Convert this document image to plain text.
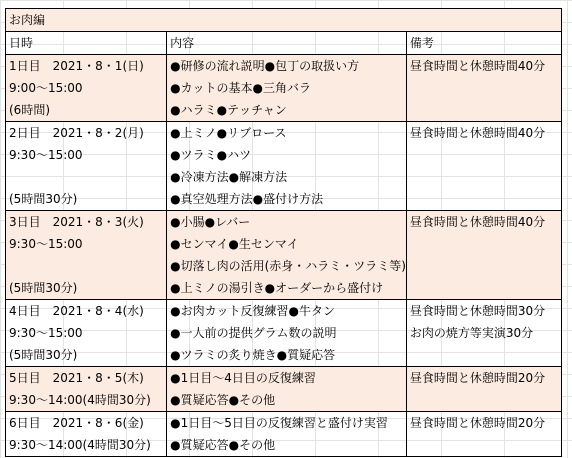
お肉編		
日時	内容	備考
1日目　2021・8・1(日)	●研修の流れ説明●包丁の取扱い方	昼食時間と休憩時間40分
9:00～15:00	●カットの基本●三角バラ	
(6時間)	●ハラミ●テッチャン	
2日目　2021・8・2(月)	●上ミノ●リブロース	昼食時間と休憩時間40分
9:30～15:00	●ツラミ●ハツ	
	●冷凍方法●解凍方法	
(5時間30分)	●真空処理方法●盛付け方法	
3日目　2021・8・3(火)	●小腸●レバー	昼食時間と休憩時間40分
9:30～15:00	●センマイ●生センマイ	
	●切落し肉の活用(赤身・ハラミ・ツラミ等)	
(5時間30分)	●上ミノの湯引き●オーダーから盛付け	
4日目　2021・8・4(水)	●お肉カット反復練習●牛タン	昼食時間と休憩時間30分
9:30～15:00	●一人前の提供グラム数の説明	お肉の焼方等実演30分
(5時間30分)	●ツラミの炙り焼き●質疑応答	
5日目　2021・8・5(木)	●1日目～4日目の反復練習	昼食時間と休憩時間20分
9:30～14:00(4時間30分)	●質疑応答●その他	
6日目　2021・8・6(金)	●1日目～5日目の反復練習と盛付け実習	昼食時間と休憩時間20分
9:30～14:00(4時間30分)	●質疑応答●その他	
